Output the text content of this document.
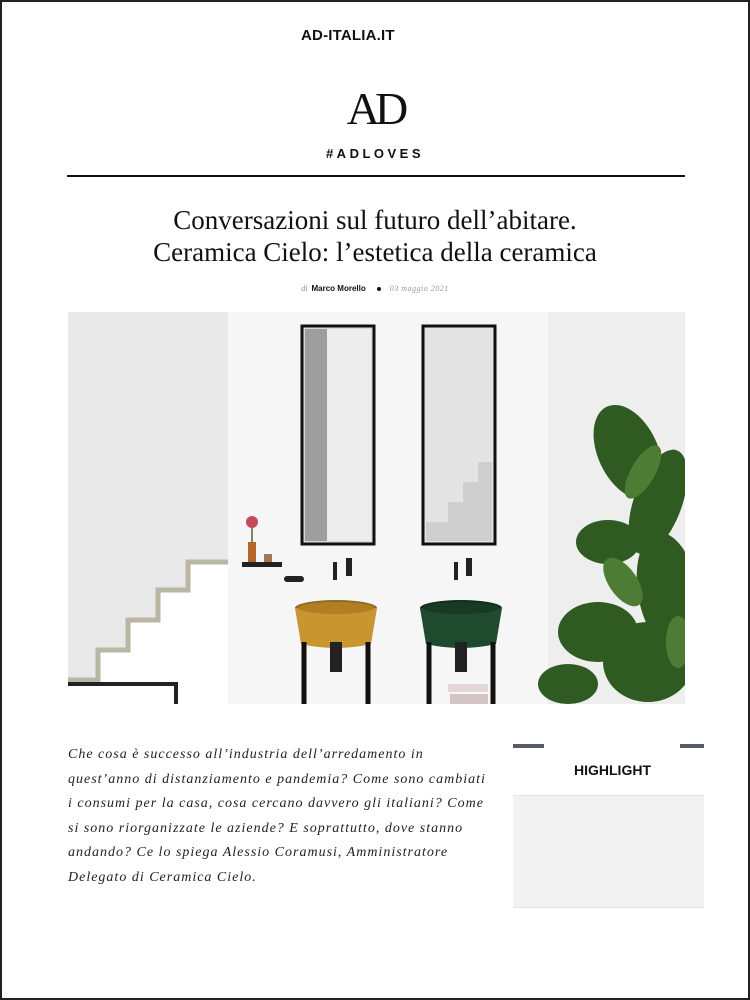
AD-ITALIA.IT
AD
#ADLOVES
Conversazioni sul futuro dell’abitare.
Ceramica Cielo: l’estetica della ceramica
di Marco Morello	03 maggio 2021

Che cosa è successo all’industria dell’arredamento in quest’anno di distanziamento e pandemia? Come sono cambiati i consumi per la casa, cosa cercano davvero gli italiani? Come si sono riorganizzate le aziende? E soprattutto, dove stanno andando? Ce lo spiega Alessio Coramusi, Amministratore Delegato di Ceramica Cielo.

HIGHLIGHT
